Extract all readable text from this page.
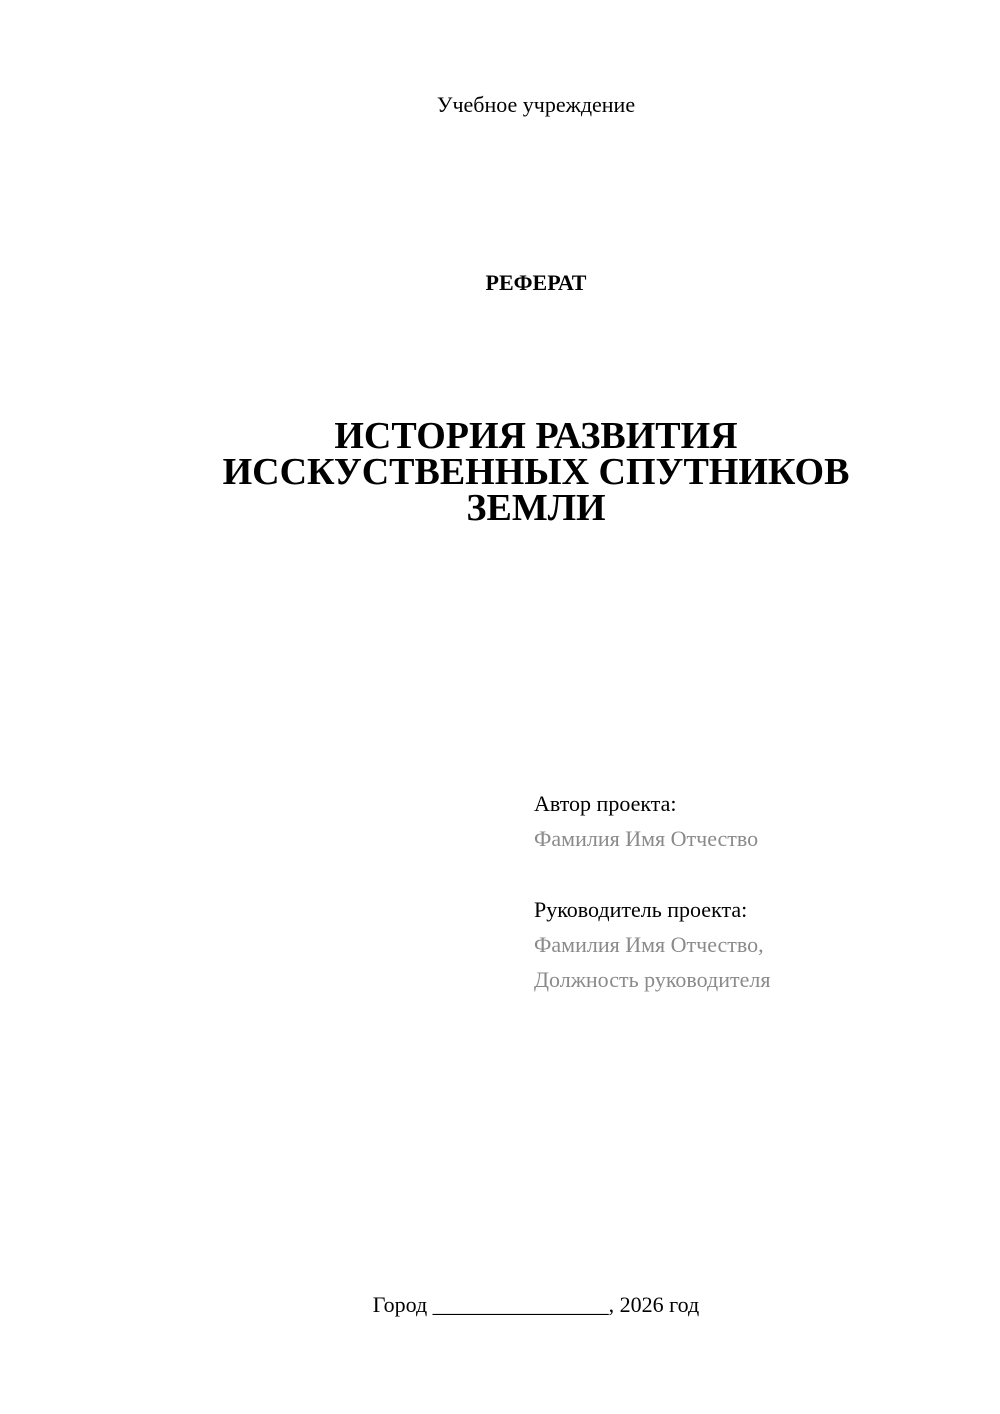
Учебное учреждение
РЕФЕРАТ
ИСТОРИЯ РАЗВИТИЯ
ИССКУСТВЕННЫХ СПУТНИКОВ
ЗЕМЛИ
Автор проекта:
Фамилия Имя Отчество
Руководитель проекта:
Фамилия Имя Отчество,
Должность руководителя
Город ________________, 2026 год
